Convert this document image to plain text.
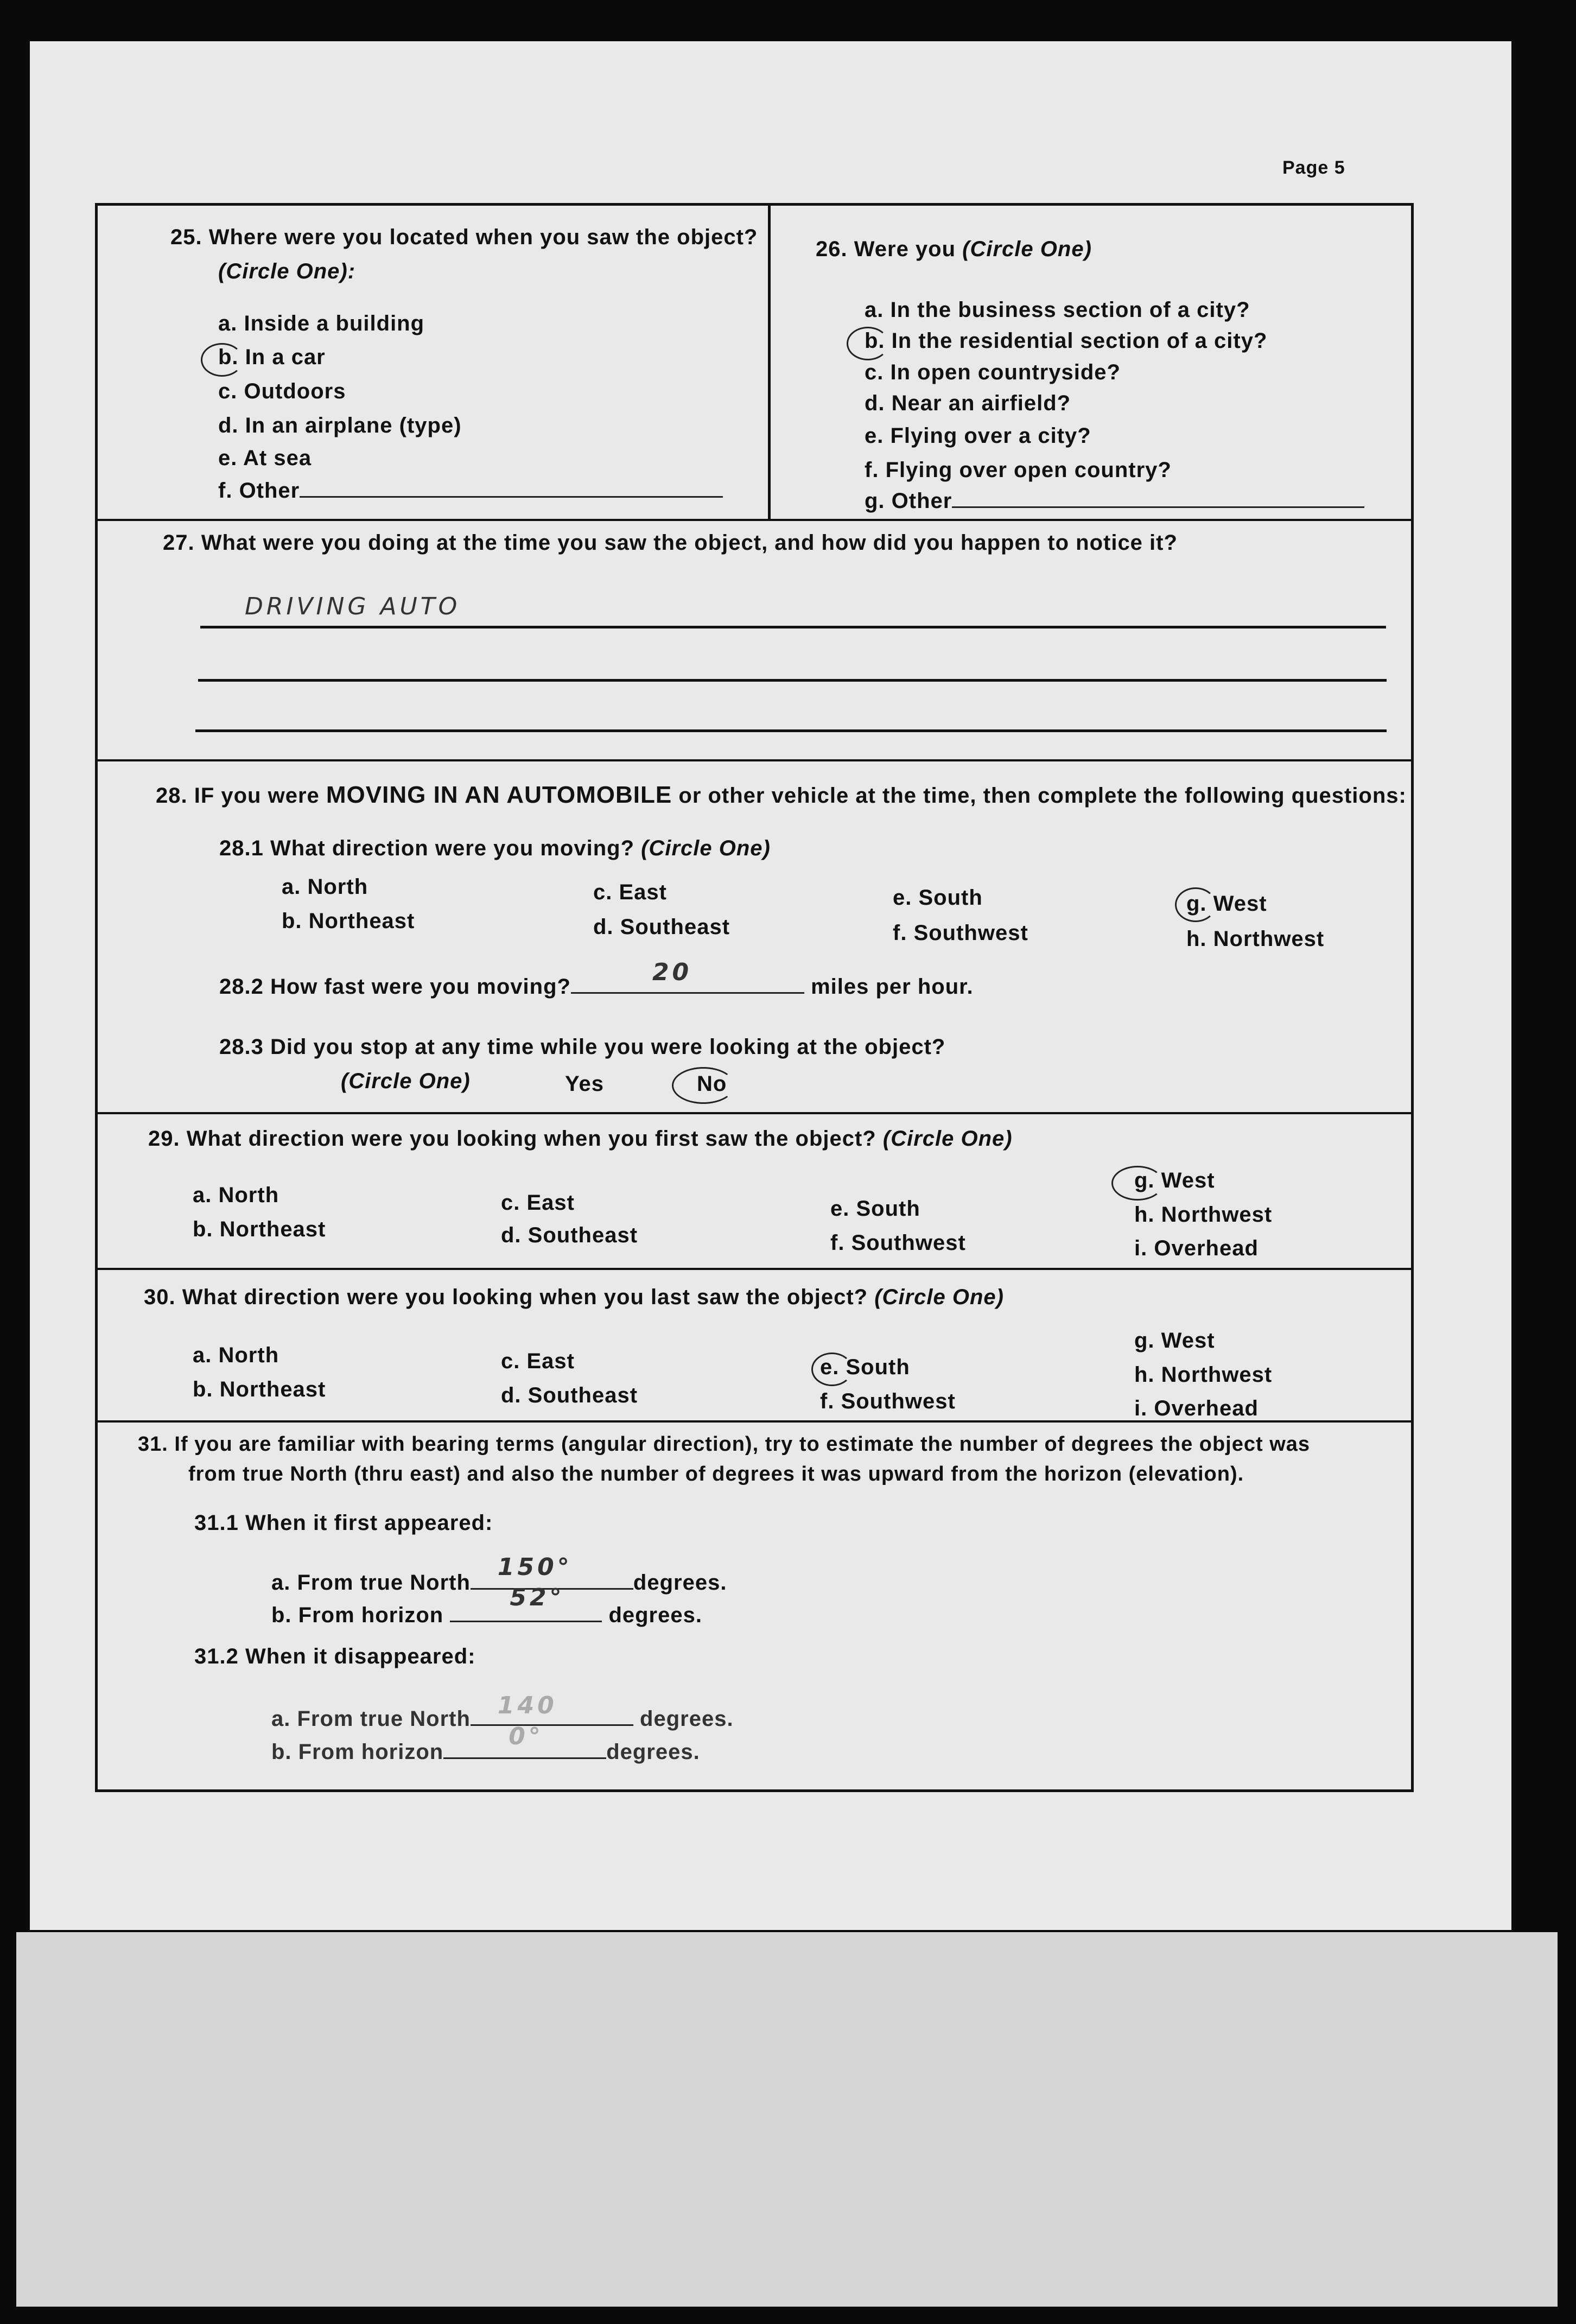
Page 5
25. Where were you located when you saw the object?
(Circle One):
a. Inside a building
b. In a car
c. Outdoors
d. In an airplane (type)
e. At sea
f. Other
26. Were you (Circle One)
a. In the business section of a city?
b. In the residential section of a city?
c. In open countryside?
d. Near an airfield?
e. Flying over a city?
f. Flying over open country?
g. Other
27. What were you doing at the time you saw the object, and how did you happen to notice it?
DRIVING AUTO
28. IF you were MOVING IN AN AUTOMOBILE or other vehicle at the time, then complete the following questions:
28.1 What direction were you moving? (Circle One)
a. North
b. Northeast
c. East
d. Southeast
e. South
f. Southwest
g. West
h. Northwest
28.2 How fast were you moving?
20
miles per hour.
28.3 Did you stop at any time while you were looking at the object?
(Circle One)	Yes	No
29. What direction were you looking when you first saw the object? (Circle One)
a. North
b. Northeast
c. East
d. Southeast
e. South
f. Southwest
g. West
h. Northwest
i. Overhead
30. What direction were you looking when you last saw the object? (Circle One)
a. North
b. Northeast
c. East
d. Southeast
e. South
f. Southwest
g. West
h. Northwest
i. Overhead
31. If you are familiar with bearing terms (angular direction), try to estimate the number of degrees the object was
from true North (thru east) and also the number of degrees it was upward from the horizon (elevation).
31.1 When it first appeared:
a. From true North
150°
degrees.
b. From horizon
52°
degrees.
31.2 When it disappeared:
a. From true North 140	degrees.
b. From horizon
0°
degrees.
